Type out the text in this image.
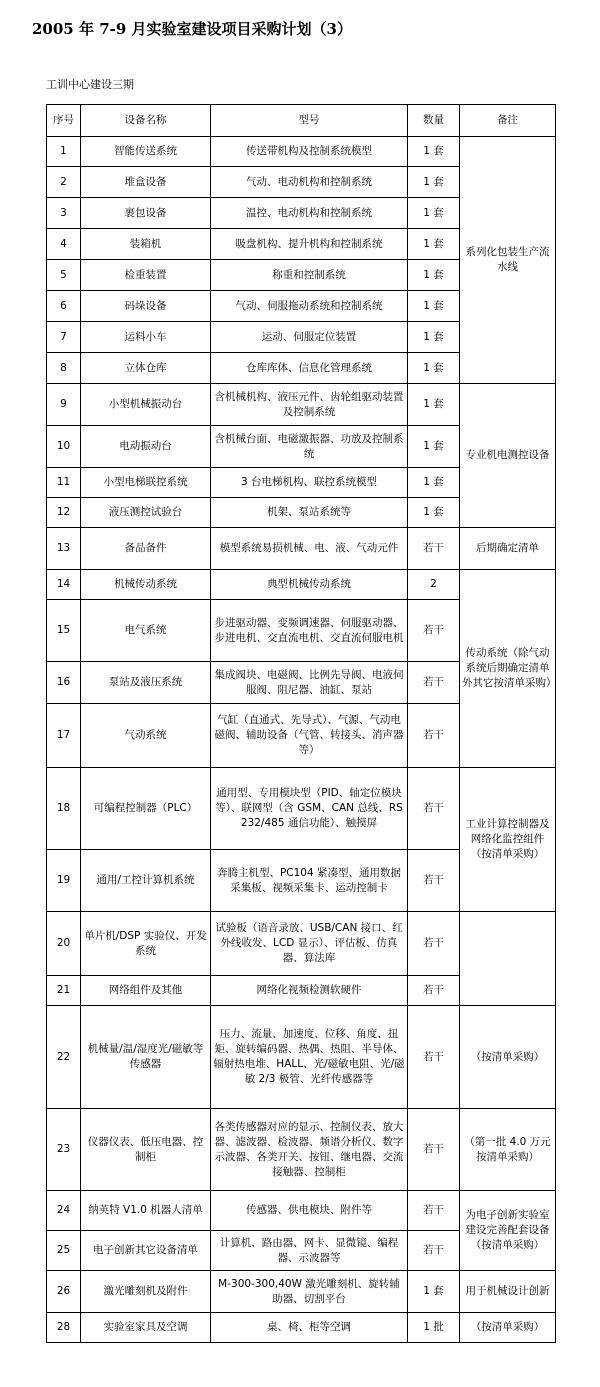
2005 年 7-9 月实验室建设项目采购计划（3）
工训中心建设三期
序号	设备名称	型号	数量	备注
1	智能传送系统	传送带机构及控制系统模型	1 套	系列化包装生产流水线
2	堆盒设备	气动、电动机构和控制系统	1 套	
3	裹包设备	温控、电动机构和控制系统	1 套	
4	装箱机	吸盘机构、提升机构和控制系统	1 套	
5	检重装置	称重和控制系统	1 套	
6	码垛设备	气动、伺服拖动系统和控制系统	1 套	
7	运料小车	运动、伺服定位装置	1 套	
8	立体仓库	仓库库体、信息化管理系统	1 套	
9	小型机械振动台	含机械机构、液压元件、齿轮组驱动装置及控制系统	1 套	专业机电测控设备
10	电动振动台	含机械台面、电磁激振器、功放及控制系统	1 套	
11	小型电梯联控系统	3 台电梯机构、联控系统模型	1 套	
12	液压测控试验台	机架、泵站系统等	1 套	
13	备品备件	模型系统易损机械、电、液、气动元件	若干	后期确定清单
14	机械传动系统	典型机械传动系统	2	传动系统（除气动系统后期确定清单外其它按清单采购）
15	电气系统	步进驱动器、变频调速器、伺服驱动器、步进电机、交直流电机、交直流伺服电机	若干	
16	泵站及液压系统	集成阀块、电磁阀、比例先导阀、电液伺服阀、阻尼器、油缸、泵站	若干	
17	气动系统	气缸（直通式、先导式）、气源、气动电磁阀、辅助设备（气管、转接头、消声器等）	若干	
18	可编程控制器（PLC）	通用型、专用模块型（PID、轴定位模块等）、联网型（含 GSM、CAN 总线、RS232/485 通信功能）、触摸屏	若干	工业计算控制器及网络化监控组件（按清单采购）
19	通用/工控计算机系统	奔腾主机型、PC104 紧凑型、通用数据采集板、视频采集卡、运动控制卡	若干	
20	单片机/DSP 实验仪、开发系统	试验板（语音录放、USB/CAN 接口、红外线收发、LCD 显示）、评估板、仿真器、算法库	若干	
21	网络组件及其他	网络化视频检测软硬件	若干	
22	机械量/温/湿度光/磁敏等传感器	压力、流量、加速度、位移、角度、扭矩、旋转编码器、热偶、热阻、半导体、辐射热电堆、HALL、光/磁敏电阻、光/磁敏 2/3 极管、光纤传感器等	若干	（按清单采购）
23	仪器仪表、低压电器、控制柜	各类传感器对应的显示、控制仪表、放大器、滤波器、检波器、频谱分析仪、数字示波器、各类开关、按钮、继电器、交流接触器、控制柜	若干	（第一批 4.0 万元按清单采购）
24	纳英特 V1.0 机器人清单	传感器、供电模块、附件等	若干	为电子创新实验室建设完善配套设备（按清单采购）
25	电子创新其它设备清单	计算机、路由器、网卡、显微镜、编程器、示波器等	若干	
26	激光雕刻机及附件	M-300-300,40W 激光雕刻机、旋转辅助器、切割平台	1 套	用于机械设计创新
28	实验室家具及空调	桌、椅、柜等空调	1 批	（按清单采购）
